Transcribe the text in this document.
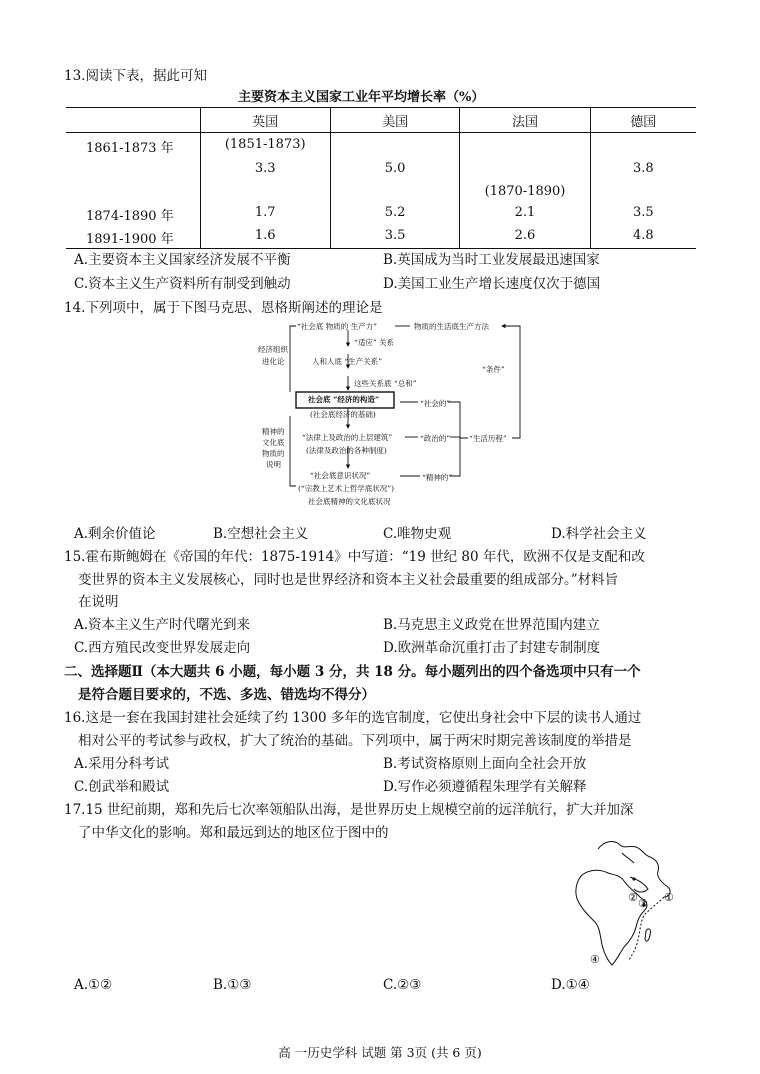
13.阅读下表，据此可知
主要资本主义国家工业年平均增长率（%）
	英国	美国	法国	德国
1861-1873 年	(1851-1873)			
	3.3	5.0		3.8
			(1870-1890)	
1874-1890 年	1.7	5.2	2.1	3.5
1891-1900 年	1.6	3.5	2.6	4.8
A.主要资本主义国家经济发展不平衡	B.英国成为当时工业发展最迅速国家
C.资本主义生产资料所有制受到触动	D.美国工业生产增长速度仅次于德国
14.下列项中，属于下图马克思、恩格斯阐述的理论是
“社会底 物质的 生产力”	物质的生活底生产方法
“适应” 关系
人和人底 “生产关系”
这些关系底 “总和”
“条件”
社会底 “经济的构造”
(社会底经济的基础)
“社会的”
“法律上及政治的上层建筑”
(法律及政治的各种制度)
“政治的”	“生活历程”
“社会底意识状况”	“精神的”
(“宗教上艺术上哲学底状况”)
社会底精神的文化底状况
经济组织
进化论
精神的
文化底
物质的
说明
A.剩余价值论	B.空想社会主义	C.唯物史观	D.科学社会主义
15.霍布斯鲍姆在《帝国的年代：1875-1914》中写道：“19 世纪 80 年代，欧洲不仅是支配和改
变世界的资本主义发展核心，同时也是世界经济和资本主义社会最重要的组成部分。”材料旨
在说明
A.资本主义生产时代曙光到来	B.马克思主义政党在世界范围内建立
C.西方殖民改变世界发展走向	D.欧洲革命沉重打击了封建专制制度
二、选择题Ⅱ（本大题共 6 小题，每小题 3 分，共 18 分。每小题列出的四个备选项中只有一个
是符合题目要求的，不选、多选、错选均不得分）
16.这是一套在我国封建社会延续了约 1300 多年的选官制度，它使出身社会中下层的读书人通过
相对公平的考试参与政权，扩大了统治的基础。下列项中，属于两宋时期完善该制度的举措是
A.采用分科考试	B.考试资格原则上面向全社会开放
C.创武举和殿试	D.写作必须遵循程朱理学有关解释
17.15 世纪前期，郑和先后七次率领船队出海，是世界历史上规模空前的远洋航行，扩大并加深
了中华文化的影响。郑和最远到达的地区位于图中的
①
② ③
④
A.①②	B.①③	C.②③	D.①④
高 一历史学科 试题 第 3页 (共 6 页)
